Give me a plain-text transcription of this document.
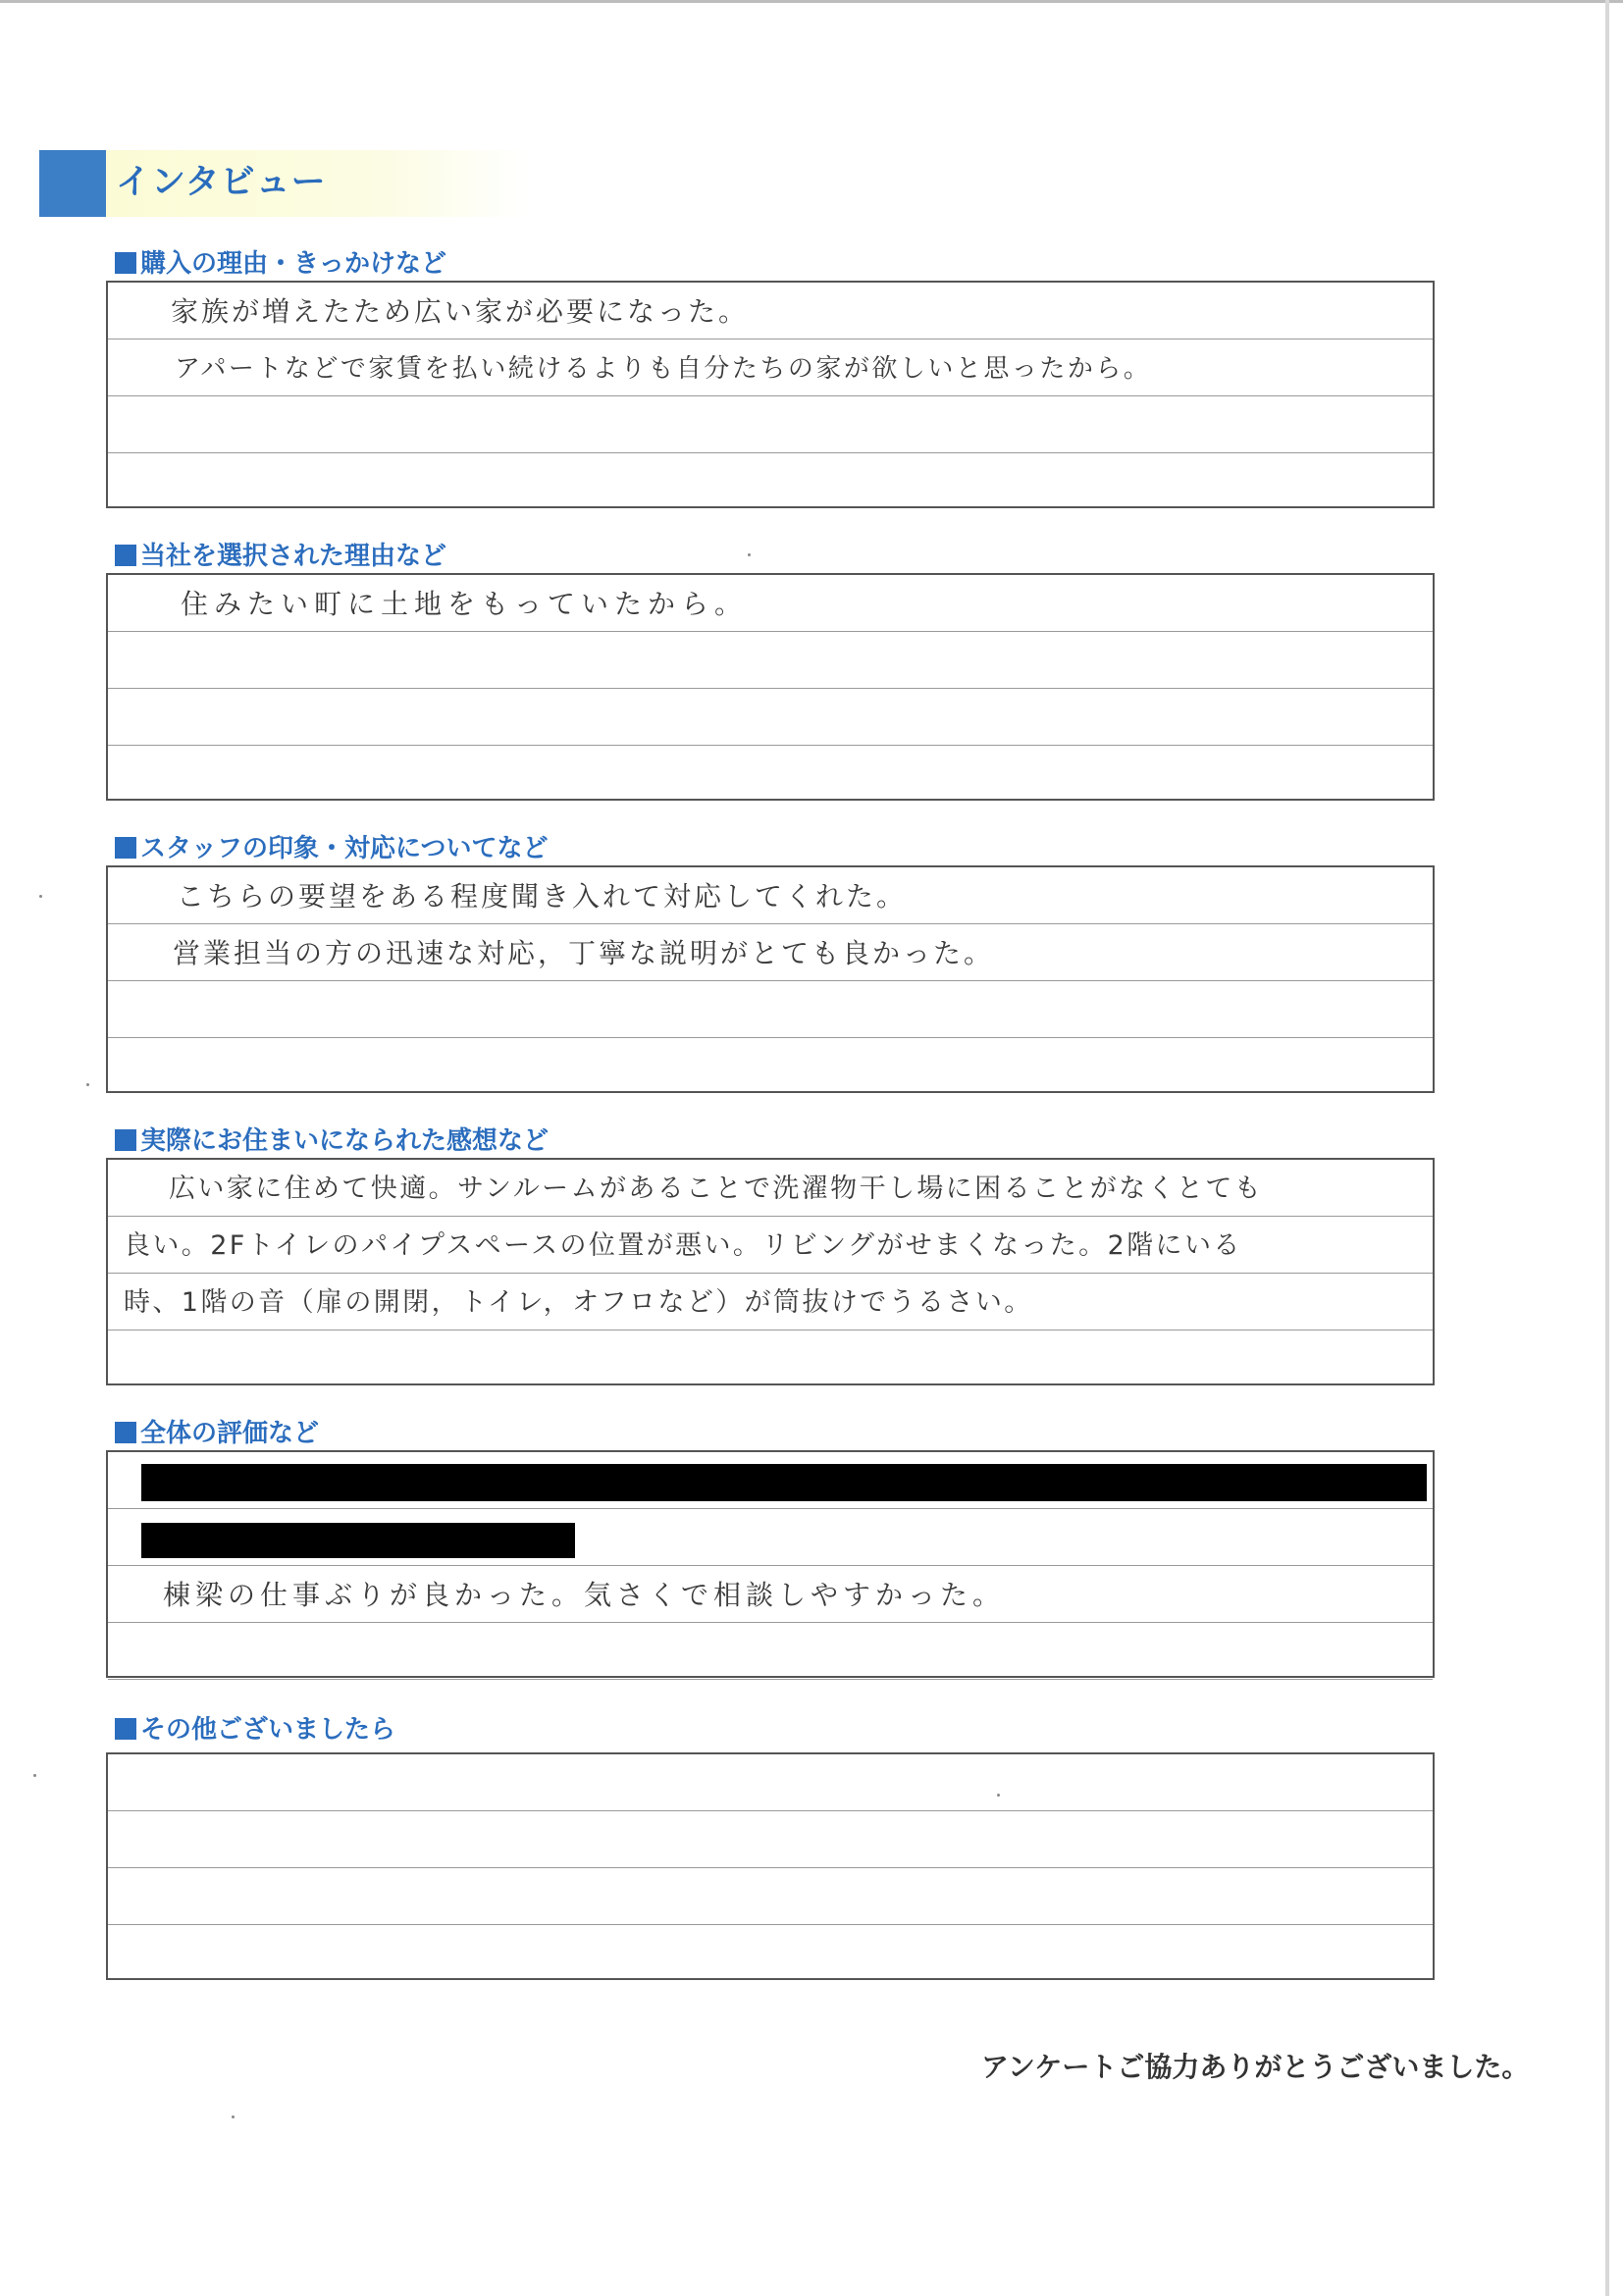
インタビュー
購入の理由・きっかけなど
家族が増えたため広い家が必要になった。
アパートなどで家賃を払い続けるよりも自分たちの家が欲しいと思ったから。
当社を選択された理由など
住みたい町に土地をもっていたから。
スタッフの印象・対応についてなど
こちらの要望をある程度聞き入れて対応してくれた。
営業担当の方の迅速な対応，丁寧な説明がとても良かった。
実際にお住まいになられた感想など
広い家に住めて快適。サンルームがあることで洗濯物干し場に困ることがなくとても
良い。2Fトイレのパイプスペースの位置が悪い。リビングがせまくなった。2階にいる
時、1階の音（扉の開閉，トイレ，オフロなど）が筒抜けでうるさい。
全体の評価など
棟梁の仕事ぶりが良かった。気さくで相談しやすかった。
その他ございましたら
アンケートご協力ありがとうございました。
